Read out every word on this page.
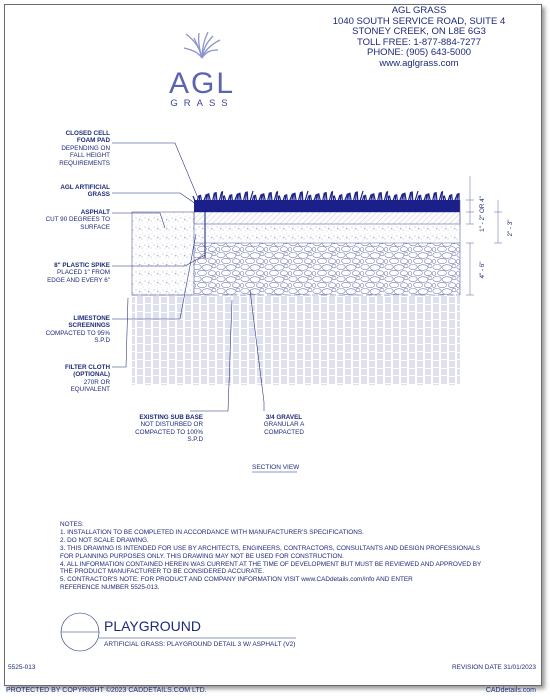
AGL
GRASS
AGL GRASS
1040 SOUTH SERVICE ROAD, SUITE 4
STONEY CREEK, ON L8E 6G3
TOLL FREE: 1-877-884-7277
PHONE: (905) 643-5000
www.aglgrass.com
1" - 2" OR 4"	2" - 3"
4" - 6"
CLOSED CELL
FOAM PAD
DEPENDING ON
FALL HEIGHT
REQUIREMENTS
AGL ARTIFICIAL
GRASS
ASPHALT
CUT 90 DEGREES TO
SURFACE
8" PLASTIC SPIKE
PLACED 1" FROM
EDGE AND EVERY 6"
LIMESTONE
SCREENINGS
COMPACTED TO 95%
S.P.D
FILTER CLOTH
(OPTIONAL)
270R OR
EQUIVALENT
EXISTING SUB BASE
NOT DISTURBED OR
COMPACTED TO 100%
S.P.D
3/4 GRAVEL
GRANULAR A
COMPACTED
SECTION VIEW
NOTES:
1. INSTALLATION TO BE COMPLETED IN ACCORDANCE WITH MANUFACTURER'S SPECIFICATIONS.
2. DO NOT SCALE DRAWING.
3. THIS DRAWING IS INTENDED FOR USE BY ARCHITECTS, ENGINEERS, CONTRACTORS, CONSULTANTS AND DESIGN PROFESSIONALS
FOR PLANNING PURPOSES ONLY. THIS DRAWING MAY NOT BE USED FOR CONSTRUCTION.
4. ALL INFORMATION CONTAINED HEREIN WAS CURRENT AT THE TIME OF DEVELOPMENT BUT MUST BE REVIEWED AND APPROVED BY
THE PRODUCT MANUFACTURER TO BE CONSIDERED ACCURATE.
5. CONTRACTOR'S NOTE: FOR PRODUCT AND COMPANY INFORMATION VISIT www.CADdetails.com/info AND ENTER
REFERENCE NUMBER 5525-013.
PLAYGROUND
ARTIFICIAL GRASS: PLAYGROUND DETAIL 3 W/ ASPHALT (V2)
5525-013	REVISION DATE 31/01/2023
PROTECTED BY COPYRIGHT ©2023 CADDETAILS.COM LTD.	CADdetails.com
